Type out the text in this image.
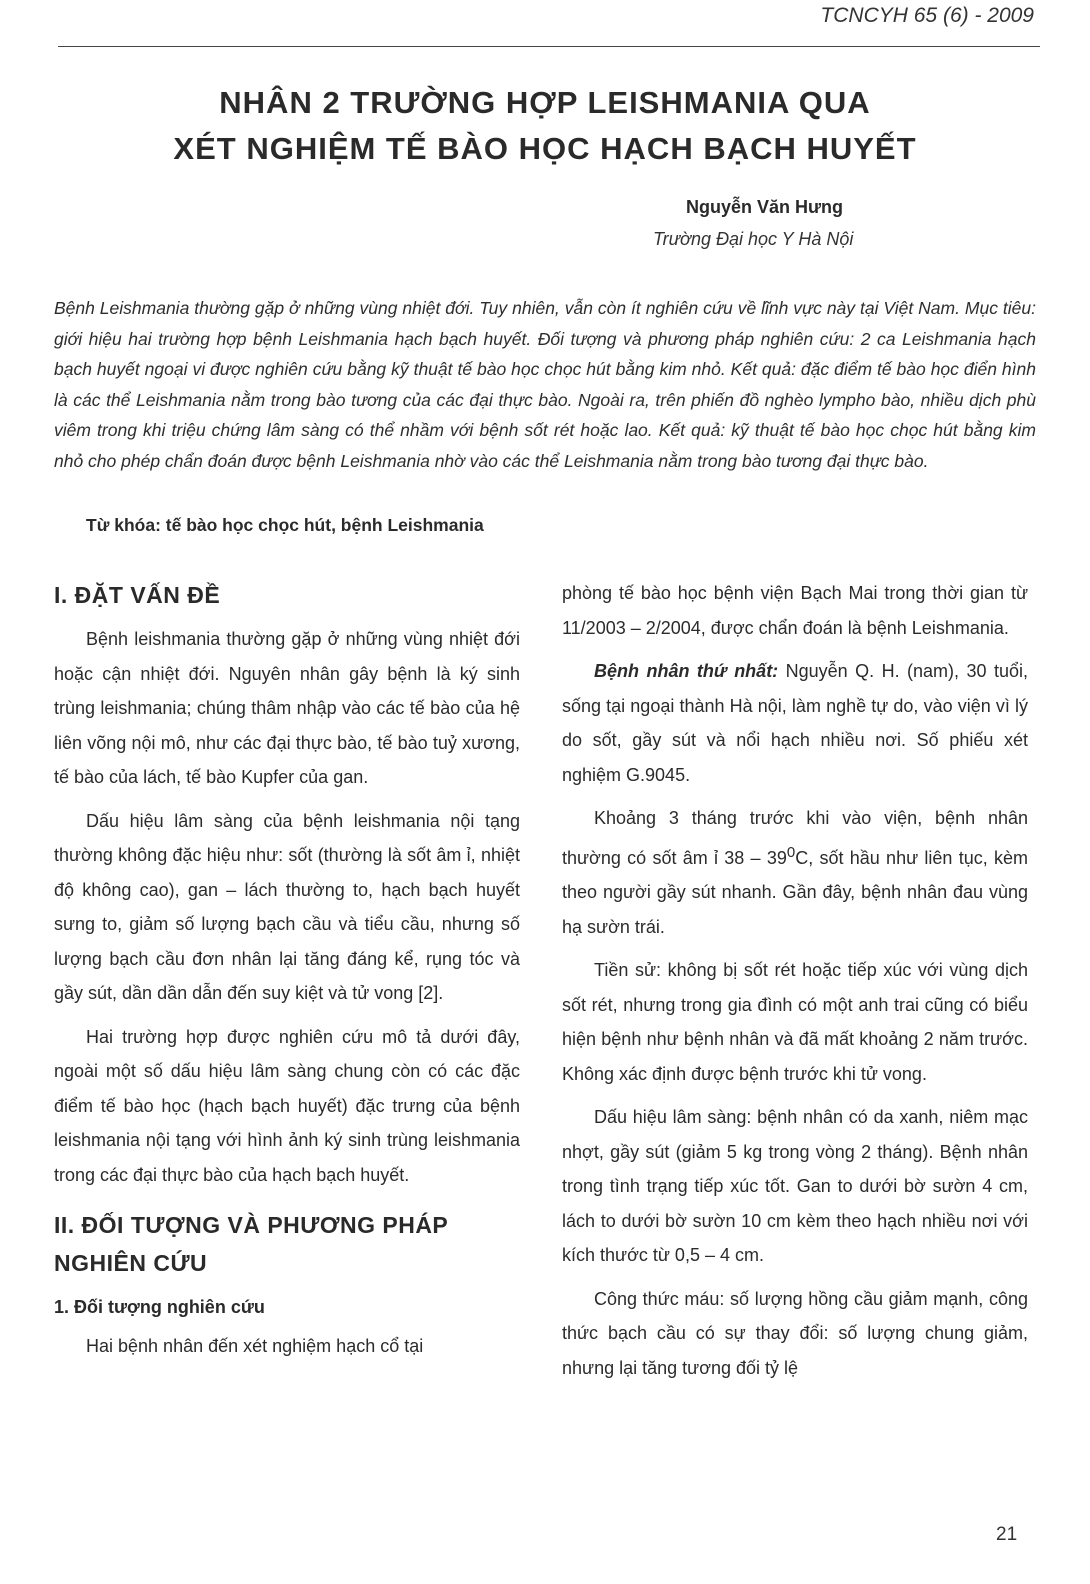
TCNCYH 65 (6) - 2009
NHÂN 2 TRƯỜNG HỢP LEISHMANIA QUA
XÉT NGHIỆM TẾ BÀO HỌC HẠCH BẠCH HUYẾT
Nguyễn Văn Hưng
Trường Đại học Y Hà Nội
Bệnh Leishmania thường gặp ở những vùng nhiệt đới. Tuy nhiên, vẫn còn ít nghiên cứu về lĩnh vực này tại Việt Nam. Mục tiêu: giới hiệu hai trường hợp bệnh Leishmania hạch bạch huyết. Đối tượng và phương pháp nghiên cứu: 2 ca Leishmania hạch bạch huyết ngoại vi được nghiên cứu bằng kỹ thuật tế bào học chọc hút bằng kim nhỏ. Kết quả: đặc điểm tế bào học điển hình là các thể Leishmania nằm trong bào tương của các đại thực bào. Ngoài ra, trên phiến đồ nghèo lympho bào, nhiều dịch phù viêm trong khi triệu chứng lâm sàng có thể nhầm với bệnh sốt rét hoặc lao. Kết quả: kỹ thuật tế bào học chọc hút bằng kim nhỏ cho phép chẩn đoán được bệnh Leishmania nhờ vào các thể Leishmania nằm trong bào tương đại thực bào.
Từ khóa: tế bào học chọc hút, bệnh Leishmania
I. ĐẶT VẤN ĐỀ

Bệnh leishmania thường gặp ở những vùng nhiệt đới hoặc cận nhiệt đới. Nguyên nhân gây bệnh là ký sinh trùng leishmania; chúng thâm nhập vào các tế bào của hệ liên võng nội mô, như các đại thực bào, tế bào tuỷ xương, tế bào của lách, tế bào Kupfer của gan.

Dấu hiệu lâm sàng của bệnh leishmania nội tạng thường không đặc hiệu như: sốt (thường là sốt âm ỉ, nhiệt độ không cao), gan – lách thường to, hạch bạch huyết sưng to, giảm số lượng bạch cầu và tiểu cầu, nhưng số lượng bạch cầu đơn nhân lại tăng đáng kể, rụng tóc và gầy sút, dần dần dẫn đến suy kiệt và tử vong [2].

Hai trường hợp được nghiên cứu mô tả dưới đây, ngoài một số dấu hiệu lâm sàng chung còn có các đặc điểm tế bào học (hạch bạch huyết) đặc trưng của bệnh leishmania nội tạng với hình ảnh ký sinh trùng leishmania trong các đại thực bào của hạch bạch huyết.

II. ĐỐI TƯỢNG VÀ PHƯƠNG PHÁP NGHIÊN CỨU
1. Đối tượng nghiên cứu

Hai bệnh nhân đến xét nghiệm hạch cổ tại

phòng tế bào học bệnh viện Bạch Mai trong thời gian từ 11/2003 – 2/2004, được chẩn đoán là bệnh Leishmania.

Bệnh nhân thứ nhất: Nguyễn Q. H. (nam), 30 tuổi, sống tại ngoại thành Hà nội, làm nghề tự do, vào viện vì lý do sốt, gầy sút và nổi hạch nhiều nơi. Số phiếu xét nghiệm G.9045.

Khoảng 3 tháng trước khi vào viện, bệnh nhân thường có sốt âm ỉ $38 - 39^0C$, sốt hầu như liên tục, kèm theo người gầy sút nhanh. Gần đây, bệnh nhân đau vùng hạ sườn trái.

Tiền sử: không bị sốt rét hoặc tiếp xúc với vùng dịch sốt rét, nhưng trong gia đình có một anh trai cũng có biểu hiện bệnh như bệnh nhân và đã mất khoảng 2 năm trước. Không xác định được bệnh trước khi tử vong.

Dấu hiệu lâm sàng: bệnh nhân có da xanh, niêm mạc nhợt, gầy sút (giảm 5 kg trong vòng 2 tháng). Bệnh nhân trong tình trạng tiếp xúc tốt. Gan to dưới bờ sườn 4 cm, lách to dưới bờ sườn 10 cm kèm theo hạch nhiều nơi với kích thước từ 0,5 – 4 cm.

Công thức máu: số lượng hồng cầu giảm mạnh, công thức bạch cầu có sự thay đổi: số lượng chung giảm, nhưng lại tăng tương đối tỷ lệ

21
